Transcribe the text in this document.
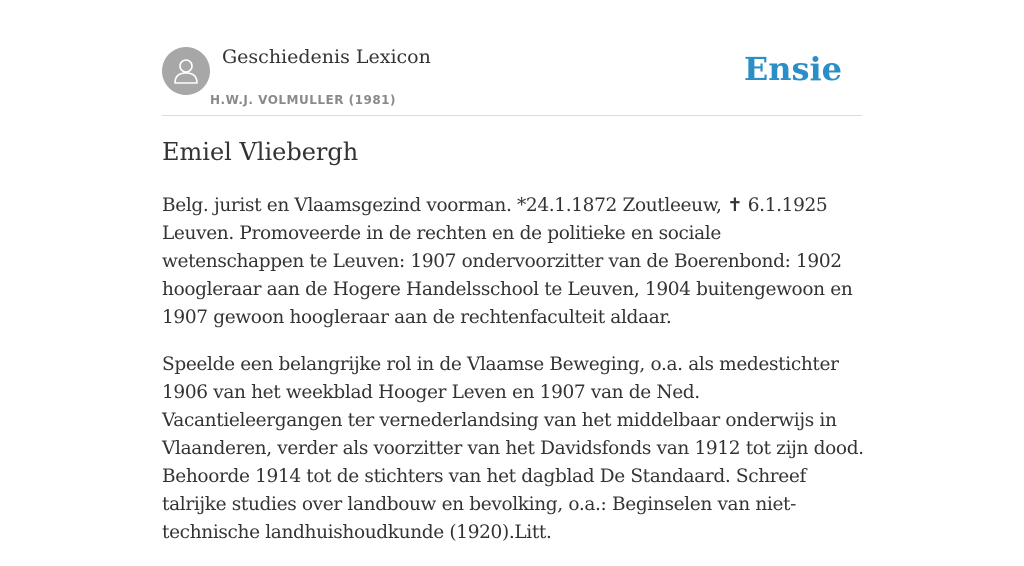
Geschiedenis Lexicon
H.W.J. VOLMULLER (1981)
Ensie
Emiel Vliebergh

Belg. jurist en Vlaamsgezind voorman. *24.1.1872 Zoutleeuw, ✝ 6.1.1925 Leuven. Promoveerde in de rechten en de politieke en sociale wetenschappen te Leuven: 1907 ondervoorzitter van de Boerenbond: 1902 hoogleraar aan de Hogere Handelsschool te Leuven, 1904 buitengewoon en 1907 gewoon hoogleraar aan de rechtenfaculteit aldaar.

Speelde een belangrijke rol in de Vlaamse Beweging, o.a. als medestichter 1906 van het weekblad Hooger Leven en 1907 van de Ned. Vacantieleergangen ter vernederlandsing van het middelbaar onderwijs in Vlaanderen, verder als voorzitter van het Davidsfonds van 1912 tot zijn dood. Behoorde 1914 tot de stichters van het dagblad De Standaard. Schreef talrijke studies over landbouw en bevolking, o.a.: Beginselen van niet-technische landhuishoudkunde (1920).Litt.
